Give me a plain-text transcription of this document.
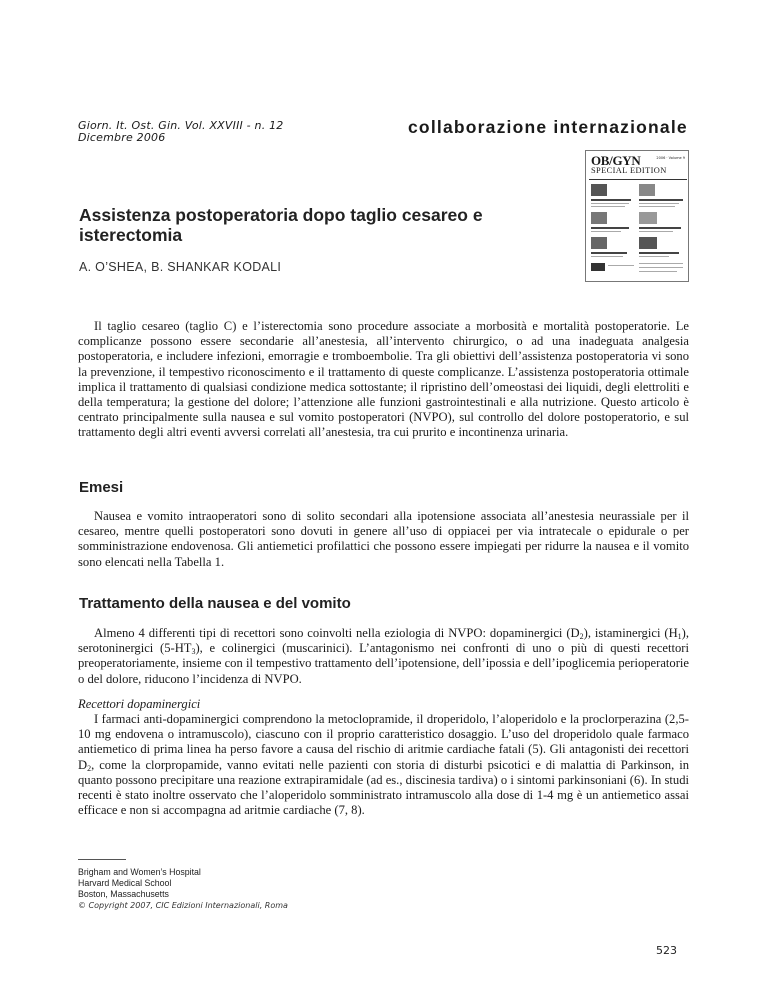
Giorn. It. Ost. Gin. Vol. XXVIII - n. 12
Dicembre 2006
collaborazione internazionale
OB/GYN
SPECIAL EDITION
2006 · Volume 9
Assistenza postoperatoria dopo taglio cesareo e isterectomia
A. O’SHEA, B. SHANKAR KODALI

Il taglio cesareo (taglio C) e l’isterectomia sono procedure associate a morbosità e mortalità postoperatorie. Le complicanze possono essere secondarie all’anestesia, all’intervento chirurgico, o ad una inadeguata analgesia postoperatoria, e includere infezioni, emorragie e tromboembolie. Tra gli obiettivi dell’assistenza postoperatoria vi sono la prevenzione, il tempestivo riconoscimento e il trattamento di queste complicanze. L’assistenza postoperatoria ottimale implica il trattamento di qualsiasi condizione medica sottostante; il ripristino dell’omeostasi dei liquidi, degli elettroliti e della temperatura; la gestione del dolore; l’attenzione alle funzioni gastrointestinali e alla nutrizione. Questo articolo è centrato principalmente sulla nausea e sul vomito postoperatori (NVPO), sul controllo del dolore postoperatorio, e sul trattamento degli altri eventi avversi correlati all’anestesia, tra cui prurito e incontinenza urinaria.

Emesi

Nausea e vomito intraoperatori sono di solito secondari alla ipotensione associata all’anestesia neurassiale per il cesareo, mentre quelli postoperatori sono dovuti in genere all’uso di oppiacei per via intratecale o epidurale o per somministrazione endovenosa. Gli antiemetici profilattici che possono essere impiegati per ridurre la nausea e il vomito sono elencati nella Tabella 1.

Trattamento della nausea e del vomito

Almeno 4 differenti tipi di recettori sono coinvolti nella eziologia di NVPO: dopaminergici $(D_2)$, istaminergici $(H_1)$, serotoninergici $(5-HT_3)$, e colinergici (muscarinici). L’antagonismo nei confronti di uno o più di questi recettori preoperatoriamente, insieme con il tempestivo trattamento dell’ipotensione, dell’ipossia e dell’ipoglicemia perioperatorie o del dolore, riducono l’incidenza di NVPO.

Recettori dopaminergici

I farmaci anti-dopaminergici comprendono la metoclopramide, il droperidolo, l’aloperidolo e la proclorperazina (2,5-10 mg endovena o intramuscolo), ciascuno con il proprio caratteristico dosaggio. L’uso del droperidolo quale farmaco antiemetico di prima linea ha perso favore a causa del rischio di aritmie cardiache fatali (5). Gli antagonisti dei recettori $D_2$, come la clorpropamide, vanno evitati nelle pazienti con storia di disturbi psicotici e di malattia di Parkinson, in quanto possono precipitare una reazione extrapiramidale (ad es., discinesia tardiva) o i sintomi parkinsoniani (6). In studi recenti è stato inoltre osservato che l’aloperidolo somministrato intramuscolo alla dose di 1-4 mg è un antiemetico assai efficace e non si accompagna ad aritmie cardiache (7, 8).

Brigham and Women’s Hospital
Harvard Medical School
Boston, Massachusetts
© Copyright 2007, CIC Edizioni Internazionali, Roma
523
